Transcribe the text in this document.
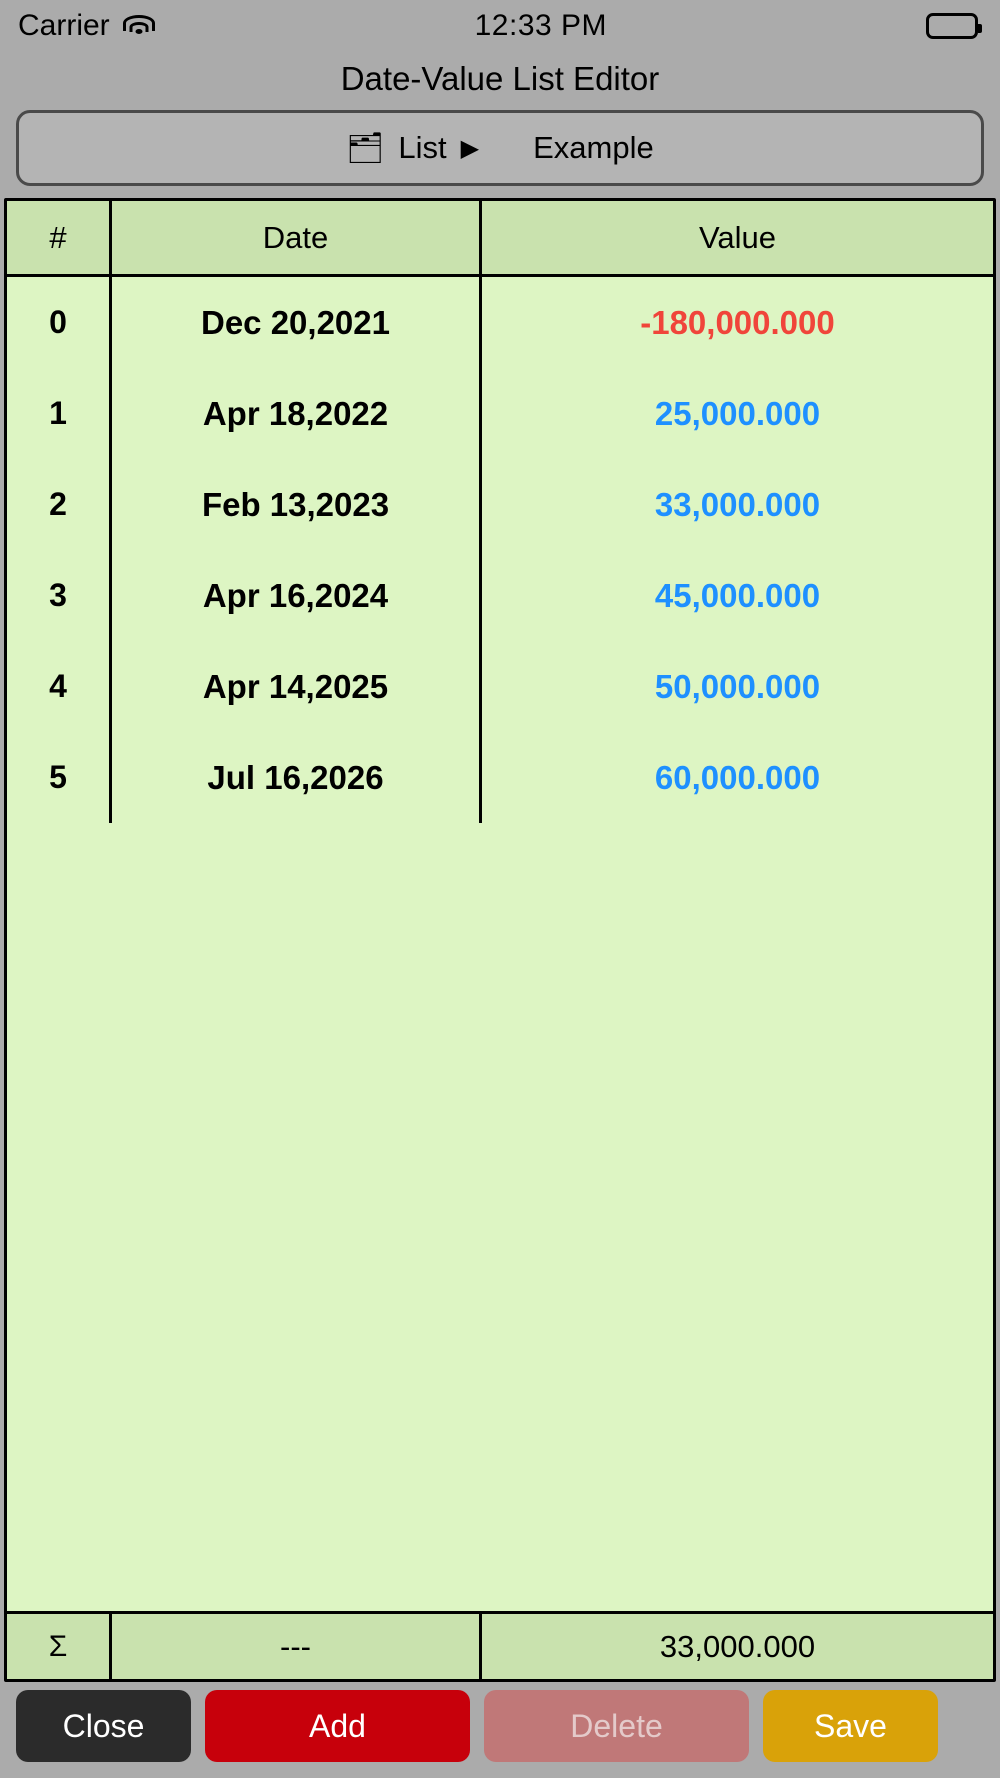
Carrier	12:33 PM
Date-Value List Editor
🗂 List ▶ Example
#	Date	Value
0	Dec 20,2021	-180,000.000
1	Apr 18,2022	25,000.000
2	Feb 13,2023	33,000.000
3	Apr 16,2024	45,000.000
4	Apr 14,2025	50,000.000
5	Jul 16,2026	60,000.000
Σ	---	33,000.000
Close	Add	Delete	Save
